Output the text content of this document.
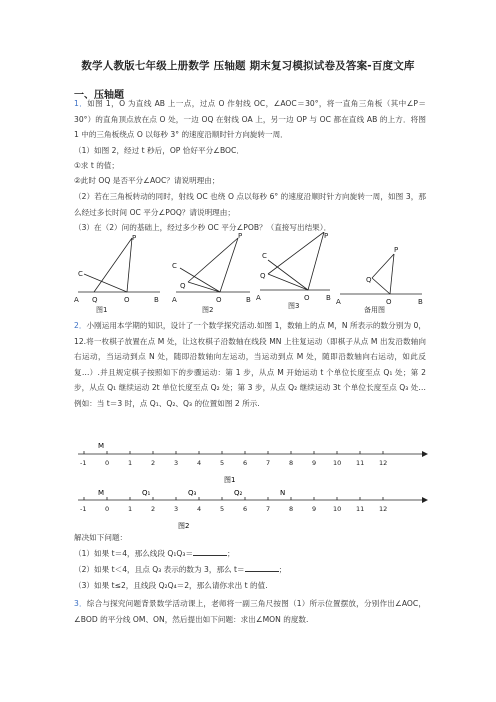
数学人教版七年级上册数学 压轴题 期末复习模拟试卷及答案-百度文库
一、压轴题
1．如图 1，O 为直线 AB 上一点，过点 O 作射线 OC，∠AOC＝30°，将一直角三角板（其中∠P＝30°）的直角顶点放在点 O 处，一边 OQ 在射线 OA 上，另一边 OP 与 OC 都在直线 AB 的上方．将图 1 中的三角板绕点 O 以每秒 3° 的速度沿顺时针方向旋转一周．
（1）如图 2，经过 t 秒后，OP 恰好平分∠BOC．
①求 t 的值；
②此时 OQ 是否平分∠AOC？请说明理由；
（2）若在三角板转动的同时，射线 OC 也绕 O 点以每秒 6° 的速度沿顺时针方向旋转一周，如图 3，那么经过多长时间 OC 平分∠POQ？请说明理由；
（3）在（2）问的基础上，经过多少秒 OC 平分∠POB？（直接写出结果）．
A Q	O	B
P
C
图1
A	O	B
P
Q
C
图2
A	O B
P
Q
C
图3	A	O	B
P
Q
备用图
2．小刚运用本学期的知识，设计了一个数学探究活动.如图 1，数轴上的点 M，N 所表示的数分别为 0，12.将一枚棋子放置在点 M 处，让这枚棋子沿数轴在线段 MN 上往复运动（即棋子从点 M 出发沿数轴向右运动，当运动到点 N 处，随即沿数轴向左运动，当运动到点 M 处，随即沿数轴向右运动，如此反复…）.并且规定棋子按照如下的步骤运动：第 1 步，从点 M 开始运动 t 个单位长度至点 Q₁ 处；第 2 步，从点 Q₁ 继续运动 2t 单位长度至点 Q₂ 处；第 3 步，从点 Q₂ 继续运动 3t 个单位长度至点 Q₃ 处…例如：当 t＝3 时，点 Q₁、Q₂、Q₃ 的位置如图 2 所示.
-1	0	1	2	3	4	5	6	7	8	9	10 11 12
M
图1
-1	0	1	2	3	4	5	6	7	8	9	10 11 12
M	Q₁	Q₃	Q₂	N
图2
解决如下问题：
（1）如果 t＝4，那么线段 Q₁Q₃＝	；
（2）如果 t＜4，且点 Q₃ 表示的数为 3，那么 t＝	；
（3）如果 t≤2，且线段 Q₂Q₄＝2，那么请你求出 t 的值.
3．综合与探究问题背景数学活动课上，老师将一副三角尺按图（1）所示位置摆放，分别作出∠AOC，∠BOD 的平分线 OM、ON，然后提出如下问题：求出∠MON 的度数.
